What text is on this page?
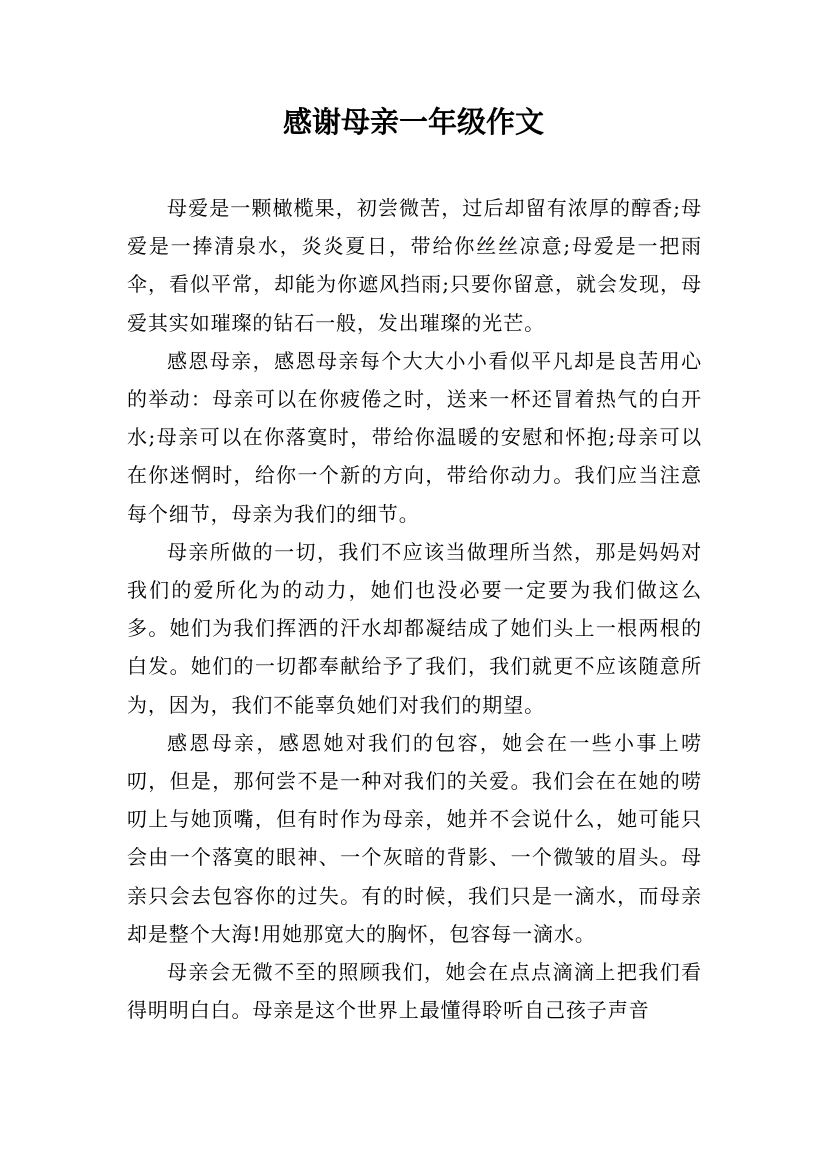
感谢母亲一年级作文

母爱是一颗橄榄果，初尝微苦，过后却留有浓厚的醇香;母爱是一捧清泉水，炎炎夏日，带给你丝丝凉意;母爱是一把雨伞，看似平常，却能为你遮风挡雨;只要你留意，就会发现，母爱其实如璀璨的钻石一般，发出璀璨的光芒。

感恩母亲，感恩母亲每个大大小小看似平凡却是良苦用心的举动：母亲可以在你疲倦之时，送来一杯还冒着热气的白开水;母亲可以在你落寞时，带给你温暖的安慰和怀抱;母亲可以在你迷惘时，给你一个新的方向，带给你动力。我们应当注意每个细节，母亲为我们的细节。

母亲所做的一切，我们不应该当做理所当然，那是妈妈对我们的爱所化为的动力，她们也没必要一定要为我们做这么多。她们为我们挥洒的汗水却都凝结成了她们头上一根两根的白发。她们的一切都奉献给予了我们，我们就更不应该随意所为，因为，我们不能辜负她们对我们的期望。

感恩母亲，感恩她对我们的包容，她会在一些小事上唠叨，但是，那何尝不是一种对我们的关爱。我们会在在她的唠叨上与她顶嘴，但有时作为母亲，她并不会说什么，她可能只会由一个落寞的眼神、一个灰暗的背影、一个微皱的眉头。母亲只会去包容你的过失。有的时候，我们只是一滴水，而母亲却是整个大海!用她那宽大的胸怀，包容每一滴水。

母亲会无微不至的照顾我们，她会在点点滴滴上把我们看得明明白白。母亲是这个世界上最懂得聆听自己孩子声音
